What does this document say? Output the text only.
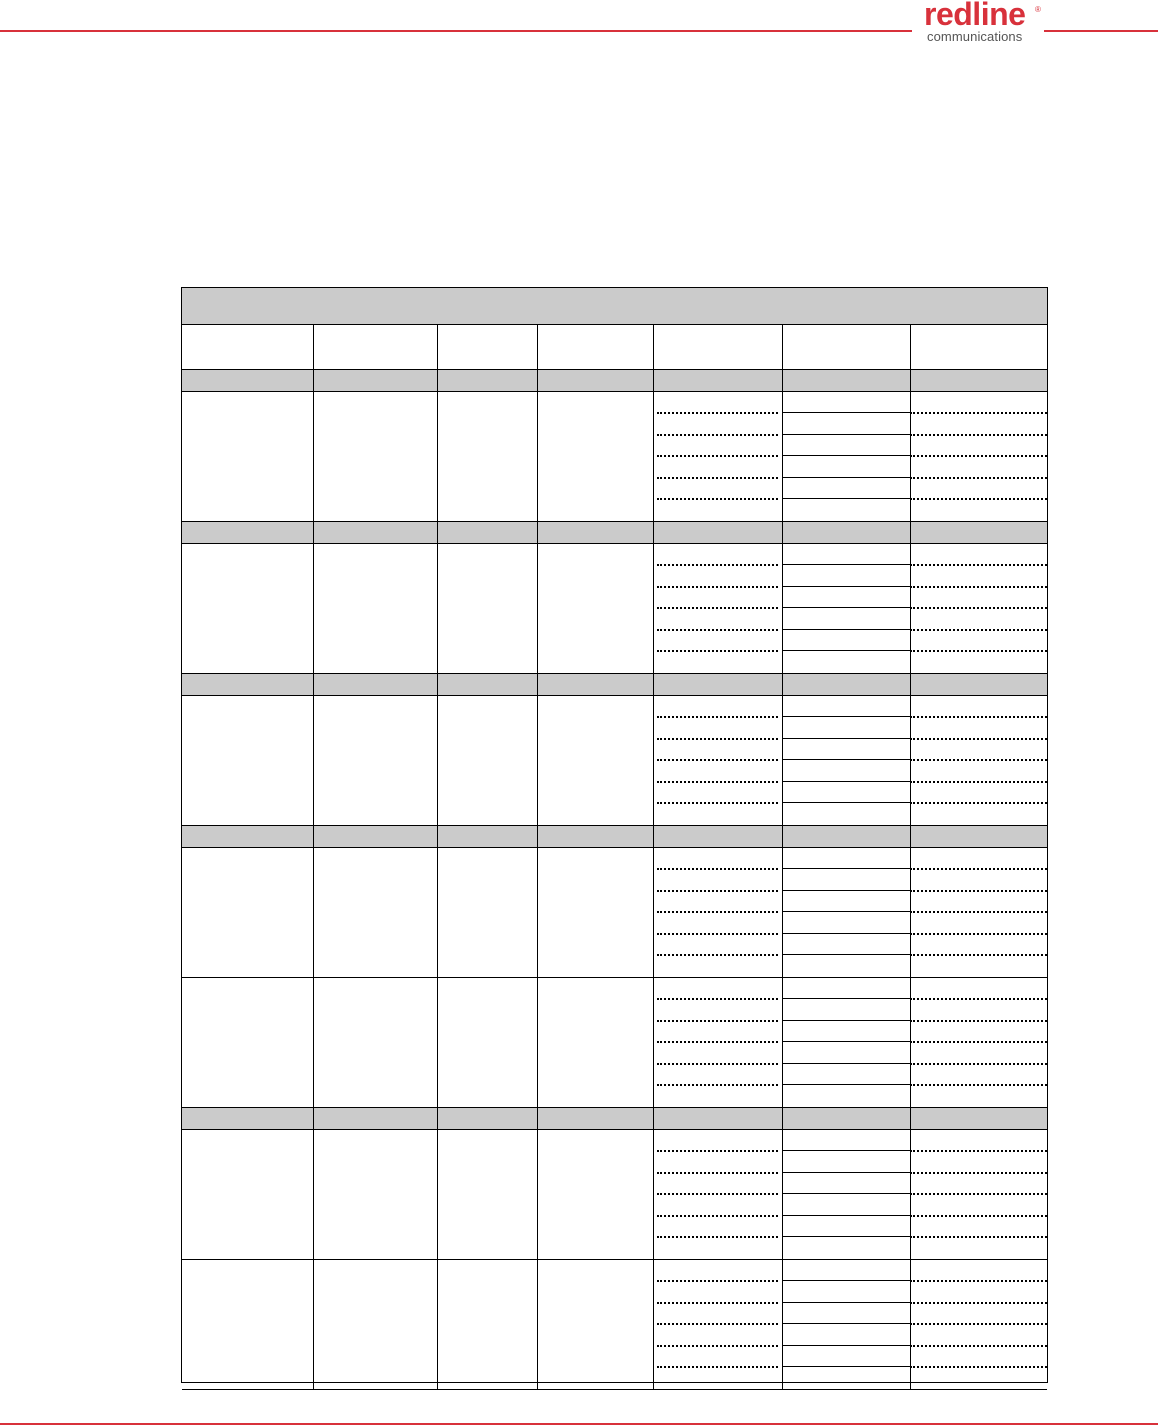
redline ®
communications
